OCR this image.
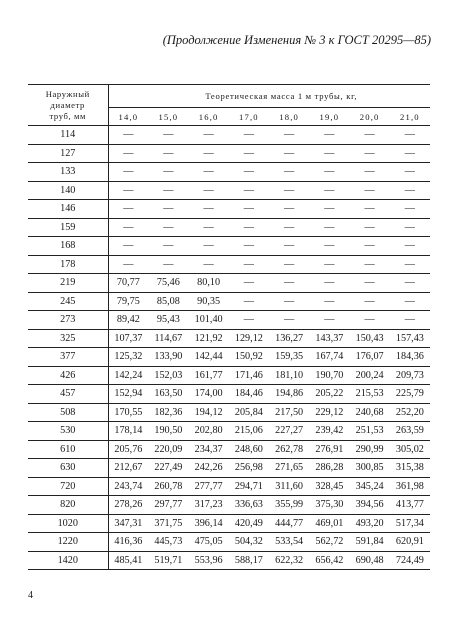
(Продолжение Изменения № 3 к ГОСТ 20295—85)
Наружный
диаметр
труб, мм	Теоретическая масса 1 м трубы, кг,							
	14,0	15,0	16,0	17,0	18,0	19,0	20,0	21,0
114	—	—	—	—	—	—	—	—
127	—	—	—	—	—	—	—	—
133	—	—	—	—	—	—	—	—
140	—	—	—	—	—	—	—	—
146	—	—	—	—	—	—	—	—
159	—	—	—	—	—	—	—	—
168	—	—	—	—	—	—	—	—
178	—	—	—	—	—	—	—	—
219	70,77	75,46	80,10	—	—	—	—	—
245	79,75	85,08	90,35	—	—	—	—	—
273	89,42	95,43	101,40	—	—	—	—	—
325	107,37	114,67	121,92	129,12	136,27	143,37	150,43	157,43
377	125,32	133,90	142,44	150,92	159,35	167,74	176,07	184,36
426	142,24	152,03	161,77	171,46	181,10	190,70	200,24	209,73
457	152,94	163,50	174,00	184,46	194,86	205,22	215,53	225,79
508	170,55	182,36	194,12	205,84	217,50	229,12	240,68	252,20
530	178,14	190,50	202,80	215,06	227,27	239,42	251,53	263,59
610	205,76	220,09	234,37	248,60	262,78	276,91	290,99	305,02
630	212,67	227,49	242,26	256,98	271,65	286,28	300,85	315,38
720	243,74	260,78	277,77	294,71	311,60	328,45	345,24	361,98
820	278,26	297,77	317,23	336,63	355,99	375,30	394,56	413,77
1020	347,31	371,75	396,14	420,49	444,77	469,01	493,20	517,34
1220	416,36	445,73	475,05	504,32	533,54	562,72	591,84	620,91
1420	485,41	519,71	553,96	588,17	622,32	656,42	690,48	724,49
4
